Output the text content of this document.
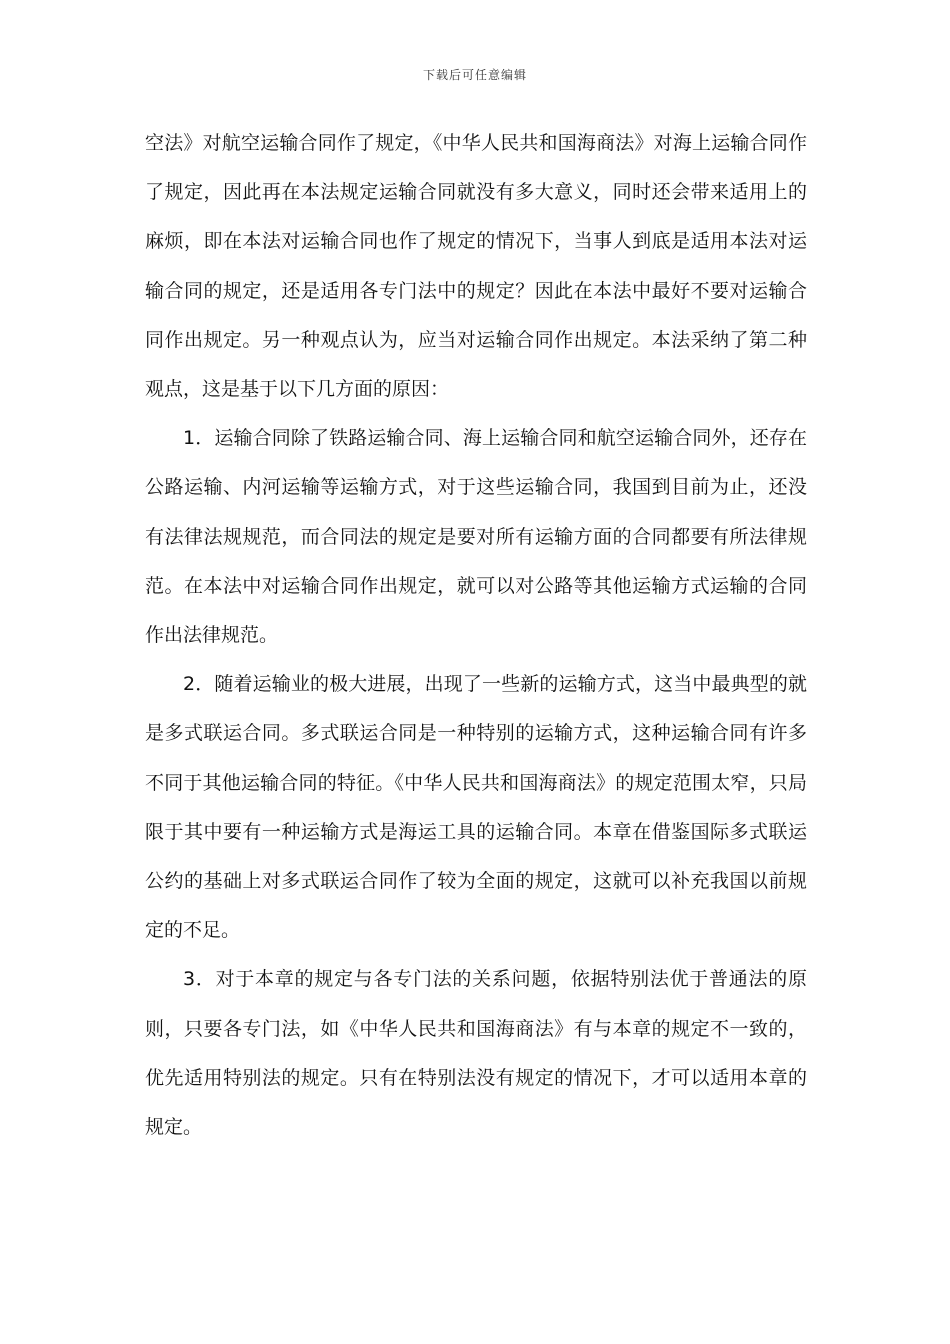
下载后可任意编辑

空法》对航空运输合同作了规定，《中华人民共和国海商法》对海上运输合同作了规定，因此再在本法规定运输合同就没有多大意义，同时还会带来适用上的麻烦，即在本法对运输合同也作了规定的情况下，当事人到底是适用本法对运输合同的规定，还是适用各专门法中的规定？因此在本法中最好不要对运输合同作出规定。另一种观点认为，应当对运输合同作出规定。本法采纳了第二种观点，这是基于以下几方面的原因：

1．运输合同除了铁路运输合同、海上运输合同和航空运输合同外，还存在公路运输、内河运输等运输方式，对于这些运输合同，我国到目前为止，还没有法律法规规范，而合同法的规定是要对所有运输方面的合同都要有所法律规范。在本法中对运输合同作出规定，就可以对公路等其他运输方式运输的合同作出法律规范。

2．随着运输业的极大进展，出现了一些新的运输方式，这当中最典型的就是多式联运合同。多式联运合同是一种特别的运输方式，这种运输合同有许多不同于其他运输合同的特征。《中华人民共和国海商法》的规定范围太窄，只局限于其中要有一种运输方式是海运工具的运输合同。本章在借鉴国际多式联运公约的基础上对多式联运合同作了较为全面的规定，这就可以补充我国以前规定的不足。

3．对于本章的规定与各专门法的关系问题，依据特别法优于普通法的原则，只要各专门法，如《中华人民共和国海商法》有与本章的规定不一致的，优先适用特别法的规定。只有在特别法没有规定的情况下，才可以适用本章的规定。
